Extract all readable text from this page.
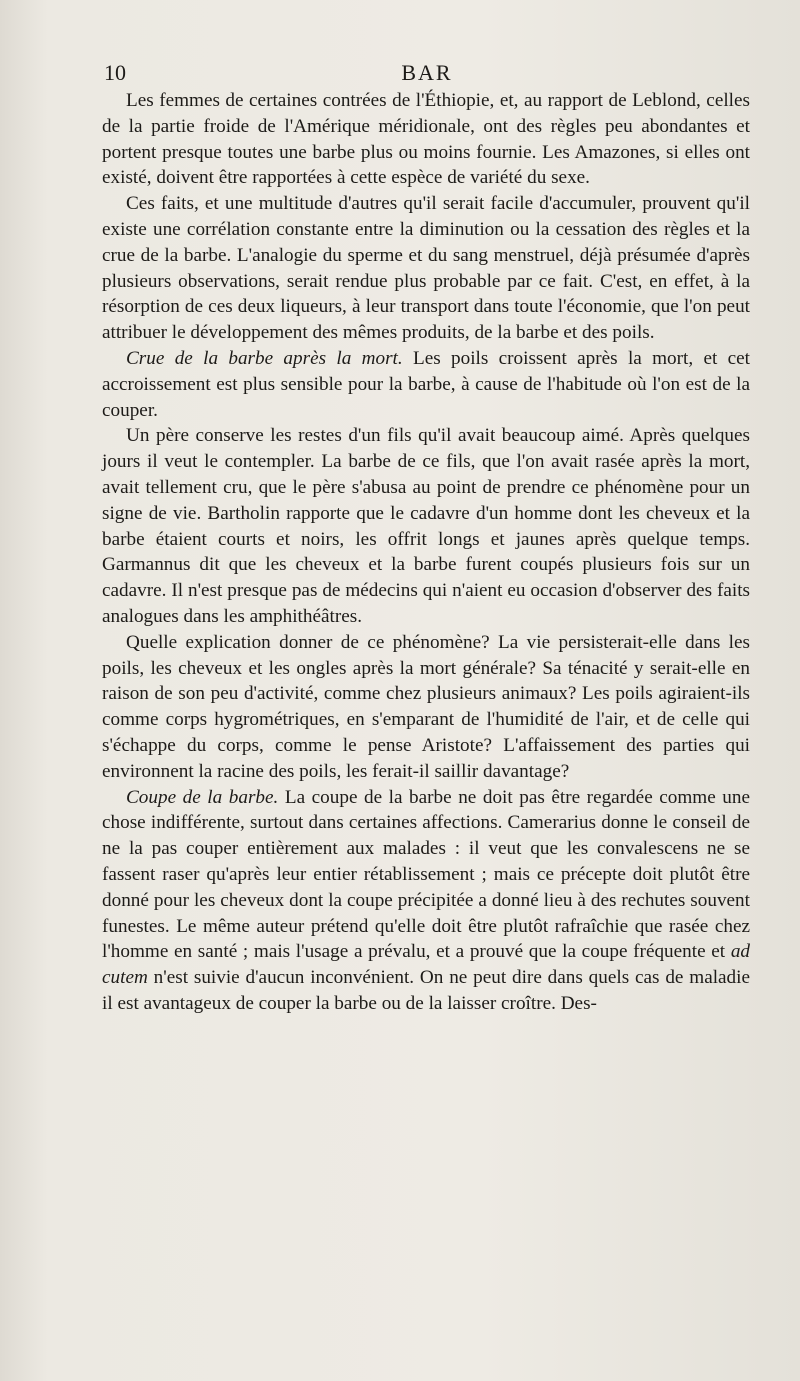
10	BAR

Les femmes de certaines contrées de l'Éthiopie, et, au rapport de Leblond, celles de la partie froide de l'Amérique méridionale, ont des règles peu abondantes et portent presque toutes une barbe plus ou moins fournie. Les Amazones, si elles ont existé, doivent être rapportées à cette espèce de variété du sexe.

Ces faits, et une multitude d'autres qu'il serait facile d'accumuler, prouvent qu'il existe une corrélation constante entre la diminution ou la cessation des règles et la crue de la barbe. L'analogie du sperme et du sang menstruel, déjà présumée d'après plusieurs observations, serait rendue plus probable par ce fait. C'est, en effet, à la résorption de ces deux liqueurs, à leur transport dans toute l'économie, que l'on peut attribuer le développement des mêmes produits, de la barbe et des poils.

Crue de la barbe après la mort. Les poils croissent après la mort, et cet accroissement est plus sensible pour la barbe, à cause de l'habitude où l'on est de la couper.

Un père conserve les restes d'un fils qu'il avait beaucoup aimé. Après quelques jours il veut le contempler. La barbe de ce fils, que l'on avait rasée après la mort, avait tellement cru, que le père s'abusa au point de prendre ce phénomène pour un signe de vie. Bartholin rapporte que le cadavre d'un homme dont les cheveux et la barbe étaient courts et noirs, les offrit longs et jaunes après quelque temps. Garmannus dit que les cheveux et la barbe furent coupés plusieurs fois sur un cadavre. Il n'est presque pas de médecins qui n'aient eu occasion d'observer des faits analogues dans les amphithéâtres.

Quelle explication donner de ce phénomène? La vie persisterait-elle dans les poils, les cheveux et les ongles après la mort générale? Sa ténacité y serait-elle en raison de son peu d'activité, comme chez plusieurs animaux? Les poils agiraient-ils comme corps hygrométriques, en s'emparant de l'humidité de l'air, et de celle qui s'échappe du corps, comme le pense Aristote? L'affaissement des parties qui environnent la racine des poils, les ferait-il saillir davantage?

Coupe de la barbe. La coupe de la barbe ne doit pas être regardée comme une chose indifférente, surtout dans certaines affections. Camerarius donne le conseil de ne la pas couper entièrement aux malades : il veut que les convalescens ne se fassent raser qu'après leur entier rétablissement ; mais ce précepte doit plutôt être donné pour les cheveux dont la coupe précipitée a donné lieu à des rechutes souvent funestes. Le même auteur prétend qu'elle doit être plutôt rafraîchie que rasée chez l'homme en santé ; mais l'usage a prévalu, et a prouvé que la coupe fréquente et ad cutem n'est suivie d'aucun inconvénient. On ne peut dire dans quels cas de maladie il est avantageux de couper la barbe ou de la laisser croître. Des-
